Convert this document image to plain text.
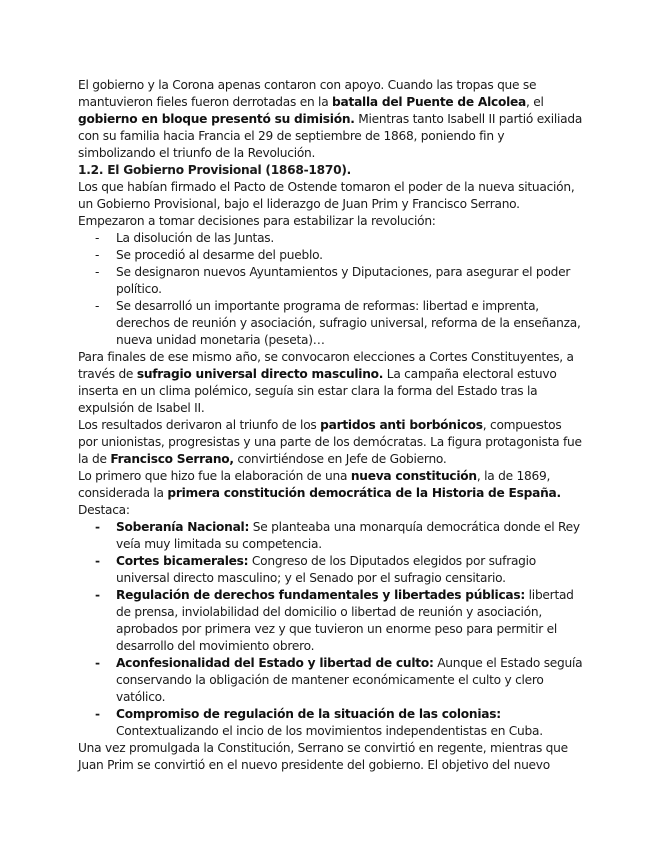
El gobierno y la Corona apenas contaron con apoyo. Cuando las tropas que se mantuvieron fieles fueron derrotadas en la batalla del Puente de Alcolea, el gobierno en bloque presentó su dimisión. Mientras tanto Isabell II partió exiliada con su familia hacia Francia el 29 de septiembre de 1868, poniendo fin y simbolizando el triunfo de la Revolución.

1.2. El Gobierno Provisional (1868-1870).

Los que habían firmado el Pacto de Ostende tomaron el poder de la nueva situación, un Gobierno Provisional, bajo el liderazgo de Juan Prim y Francisco Serrano. Empezaron a tomar decisiones para estabilizar la revolución:

- La disolución de las Juntas.
- Se procedió al desarme del pueblo.
- Se designaron nuevos Ayuntamientos y Diputaciones, para asegurar el poder político.
- Se desarrolló un importante programa de reformas: libertad e imprenta, derechos de reunión y asociación, sufragio universal, reforma de la enseñanza, nueva unidad monetaria (peseta)…

Para finales de ese mismo año, se convocaron elecciones a Cortes Constituyentes, a través de sufragio universal directo masculino. La campaña electoral estuvo inserta en un clima polémico, seguía sin estar clara la forma del Estado tras la expulsión de Isabel II.

Los resultados derivaron al triunfo de los partidos anti borbónicos, compuestos por unionistas, progresistas y una parte de los demócratas. La figura protagonista fue la de Francisco Serrano, convirtiéndose en Jefe de Gobierno.

Lo primero que hizo fue la elaboración de una nueva constitución, la de 1869, considerada la primera constitución democrática de la Historia de España. Destaca:

- Soberanía Nacional: Se planteaba una monarquía democrática donde el Rey veía muy limitada su competencia.
- Cortes bicamerales: Congreso de los Diputados elegidos por sufragio universal directo masculino; y el Senado por el sufragio censitario.
- Regulación de derechos fundamentales y libertades públicas: libertad de prensa, inviolabilidad del domicilio o libertad de reunión y asociación, aprobados por primera vez y que tuvieron un enorme peso para permitir el desarrollo del movimiento obrero.
- Aconfesionalidad del Estado y libertad de culto: Aunque el Estado seguía conservando la obligación de mantener económicamente el culto y clero vatólico.
- Compromiso de regulación de la situación de las colonias: Contextualizando el incio de los movimientos independentistas en Cuba.

Una vez promulgada la Constitución, Serrano se convirtió en regente, mientras que Juan Prim se convirtió en el nuevo presidente del gobierno. El objetivo del nuevo
